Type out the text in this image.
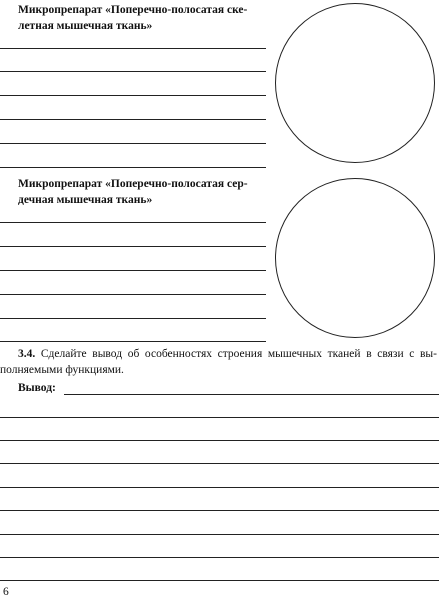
Микропрепарат «Поперечно-полосатая ске-летная мышечная ткань»

Микропрепарат «Поперечно-полосатая сер-дечная мышечная ткань»

3.4. Сделайте вывод об особенностях строения мышечных тканей в связи с вы-полняемыми функциями.

Вывод:
6
